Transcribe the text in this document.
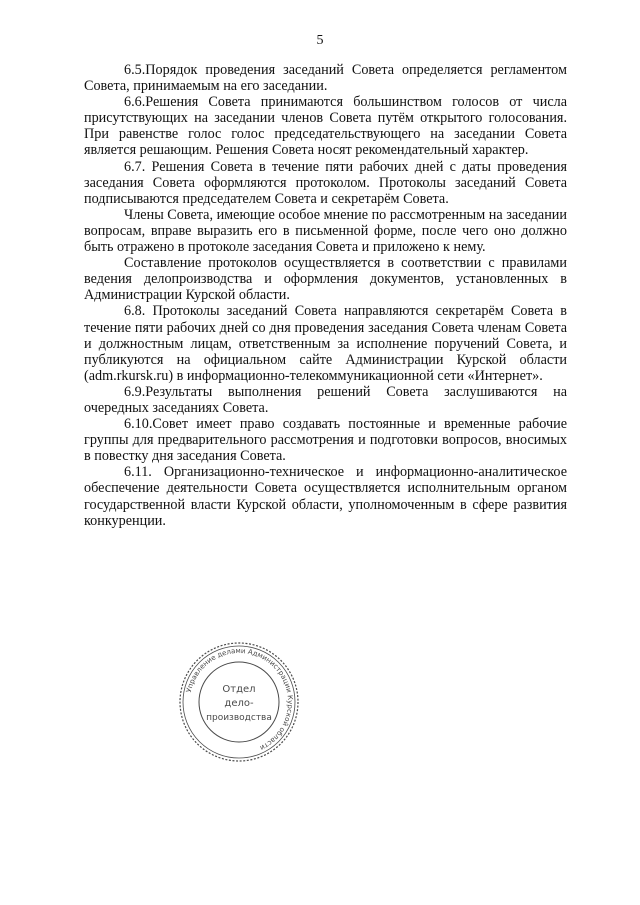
5

6.5.Порядок проведения заседаний Совета определяется регламентом Совета, принимаемым на его заседании.

6.6.Решения Совета принимаются большинством голосов от числа присутствующих на заседании членов Совета путём открытого голосования. При равенстве голос голос председательствующего на заседании Совета является решающим. Решения Совета носят рекомендательный характер.

6.7. Решения Совета в течение пяти рабочих дней с даты проведения заседания Совета оформляются протоколом. Протоколы заседаний Совета подписываются председателем Совета и секретарём Совета.

Члены Совета, имеющие особое мнение по рассмотренным на заседании вопросам, вправе выразить его в письменной форме, после чего оно должно быть отражено в протоколе заседания Совета и приложено к нему.

Составление протоколов осуществляется в соответствии с правилами ведения делопроизводства и оформления документов, установленных в Администрации Курской области.

6.8. Протоколы заседаний Совета направляются секретарём Совета в течение пяти рабочих дней со дня проведения заседания Совета членам Совета и должностным лицам, ответственным за исполнение поручений Совета, и публикуются на официальном сайте Администрации Курской области (adm.rkursk.ru) в информационно-телекоммуникационной сети «Интернет».

6.9.Результаты выполнения решений Совета заслушиваются на очередных заседаниях Совета.

6.10.Совет имеет право создавать постоянные и временные рабочие группы для предварительного рассмотрения и подготовки вопросов, вносимых в повестку дня заседания Совета.

6.11. Организационно-техническое и информационно-аналитическое обеспечение деятельности Совета осуществляется исполнительным органом государственной власти Курской области, уполномоченным в сфере развития конкуренции.

Управление делами Администрации Курской области
Отдел
дело-
производства
